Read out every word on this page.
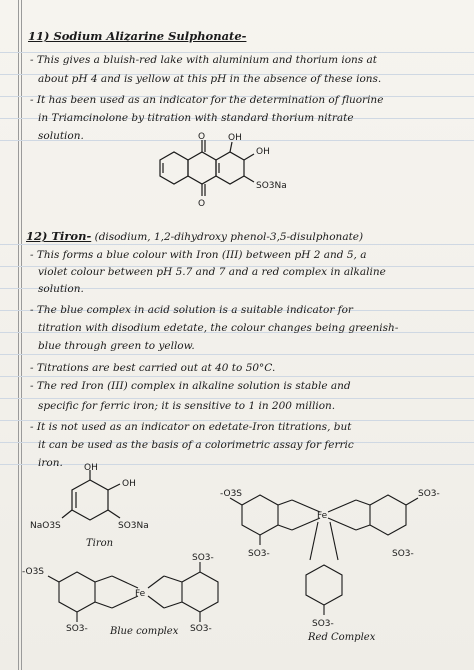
11) Sodium Alizarine Sulphonate-
- This gives a bluish-red lake with aluminium and thorium ions at
about pH 4 and is yellow at this pH in the absence of these ions.
- It has been used as an indicator for the determination of fluorine
in Triamcinolone by titration with standard thorium nitrate
solution.	O	OH
OH
SO3Na
O
12) Tiron- (disodium, 1,2-dihydroxy phenol-3,5-disulphonate)
- This forms a blue colour with Iron (III) between pH 2 and 5, a
violet colour between pH 5.7 and 7 and a red complex in alkaline
solution.
- The blue complex in acid solution is a suitable indicator for
titration with disodium edetate, the colour changes being greenish-
blue through green to yellow.
- Titrations are best carried out at 40 to 50°C.
- The red Iron (III) complex in alkaline solution is stable and
specific for ferric iron; it is sensitive to 1 in 200 million.
- It is not used as an indicator on edetate-Iron titrations, but
it can be used as the basis of a colorimetric assay for ferric
iron. OH
OH
NaO3S	SO3Na
Tiron
-O3S	SO3-
Fe
SO3-	SO3-
SO3-
Red Complex
-O3S
Fe
SO3-
SO3-	SO3-
Blue complex
